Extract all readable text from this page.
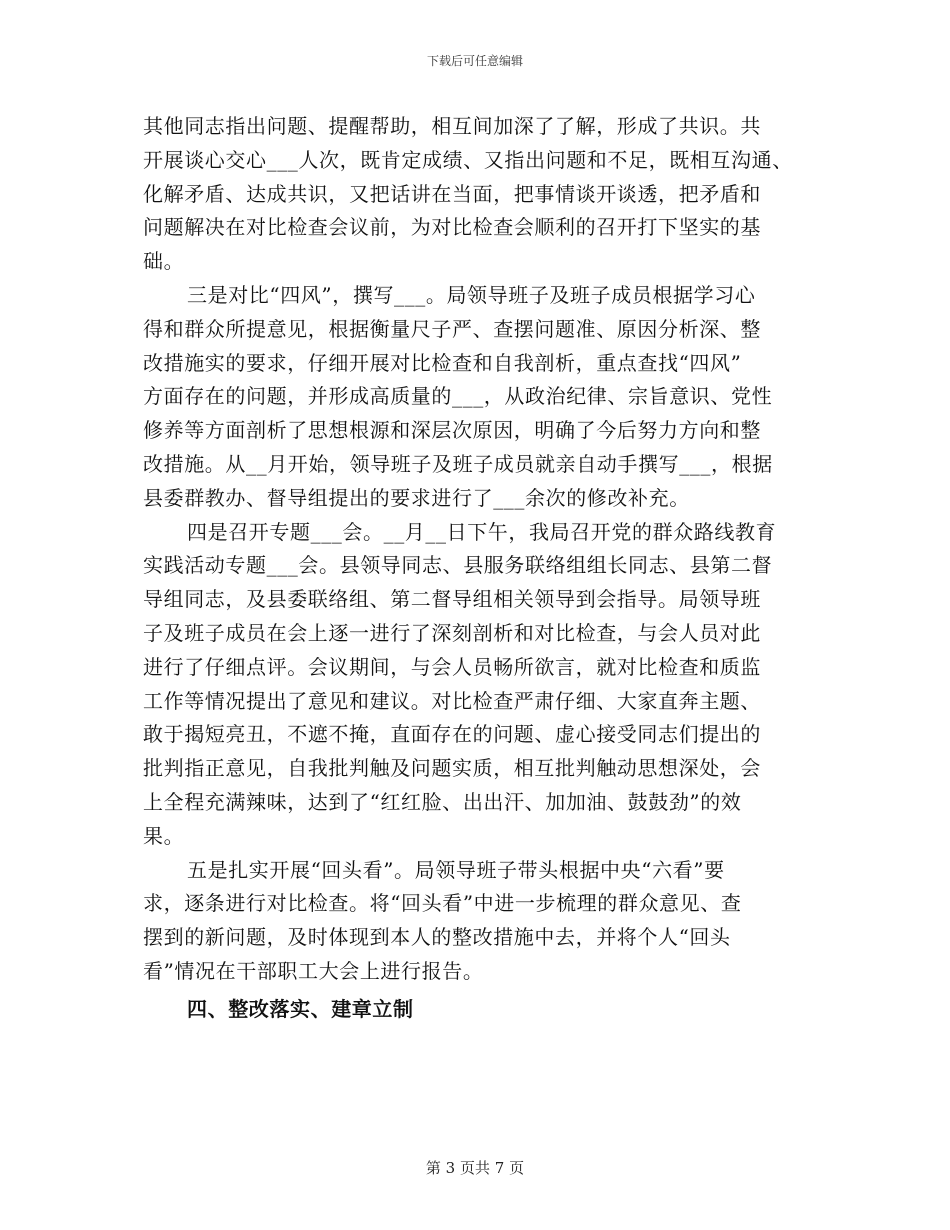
下载后可任意编辑
其他同志指出问题、提醒帮助，相互间加深了了解，形成了共识。共
开展谈心交心___人次，既肯定成绩、又指出问题和不足，既相互沟通、
化解矛盾、达成共识，又把话讲在当面，把事情谈开谈透，把矛盾和
问题解决在对比检查会议前，为对比检查会顺利的召开打下坚实的基
础。
三是对比“四风”，撰写___。局领导班子及班子成员根据学习心
得和群众所提意见，根据衡量尺子严、查摆问题准、原因分析深、整
改措施实的要求，仔细开展对比检查和自我剖析，重点查找“四风”
方面存在的问题，并形成高质量的___，从政治纪律、宗旨意识、党性
修养等方面剖析了思想根源和深层次原因，明确了今后努力方向和整
改措施。从__月开始，领导班子及班子成员就亲自动手撰写___，根据
县委群教办、督导组提出的要求进行了___余次的修改补充。
四是召开专题___会。__月__日下午，我局召开党的群众路线教育
实践活动专题___会。县领导同志、县服务联络组组长同志、县第二督
导组同志，及县委联络组、第二督导组相关领导到会指导。局领导班
子及班子成员在会上逐一进行了深刻剖析和对比检查，与会人员对此
进行了仔细点评。会议期间，与会人员畅所欲言，就对比检查和质监
工作等情况提出了意见和建议。对比检查严肃仔细、大家直奔主题、
敢于揭短亮丑，不遮不掩，直面存在的问题、虚心接受同志们提出的
批判指正意见，自我批判触及问题实质，相互批判触动思想深处，会
上全程充满辣味，达到了“红红脸、出出汗、加加油、鼓鼓劲”的效
果。
五是扎实开展“回头看”。局领导班子带头根据中央“六看”要
求，逐条进行对比检查。将“回头看”中进一步梳理的群众意见、查
摆到的新问题，及时体现到本人的整改措施中去，并将个人“回头
看”情况在干部职工大会上进行报告。
四、整改落实、建章立制
第 3 页共 7 页
